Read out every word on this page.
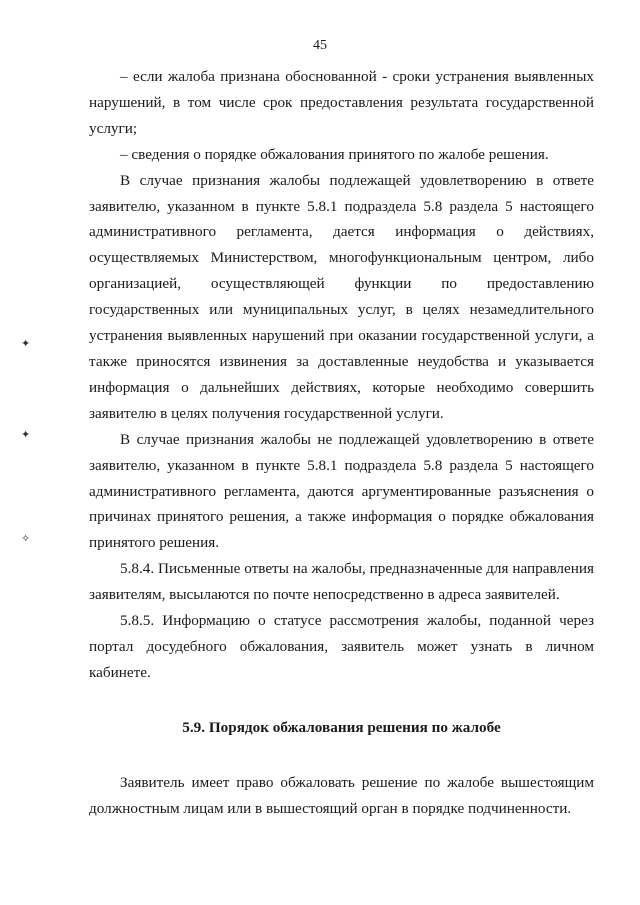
45
✦
✦
✧

– если жалоба признана обоснованной - сроки устранения выявленных нарушений, в том числе срок предоставления результата государственной услуги;

– сведения о порядке обжалования принятого по жалобе решения.

В случае признания жалобы подлежащей удовлетворению в ответе заявителю, указанном в пункте 5.8.1 подраздела 5.8 раздела 5 настоящего административного регламента, дается информация о действиях, осуществляемых Министерством, многофункциональным центром, либо организацией, осуществляющей функции по предоставлению государственных или муниципальных услуг, в целях незамедлительного устранения выявленных нарушений при оказании государственной услуги, а также приносятся извинения за доставленные неудобства и указывается информация о дальнейших действиях, которые необходимо совершить заявителю в целях получения государственной услуги.

В случае признания жалобы не подлежащей удовлетворению в ответе заявителю, указанном в пункте 5.8.1 подраздела 5.8 раздела 5 настоящего административного регламента, даются аргументированные разъяснения о причинах принятого решения, а также информация о порядке обжалования принятого решения.

5.8.4. Письменные ответы на жалобы, предназначенные для направления заявителям, высылаются по почте непосредственно в адреса заявителей.

5.8.5. Информацию о статусе рассмотрения жалобы, поданной через портал досудебного обжалования, заявитель может узнать в личном кабинете.

5.9. Порядок обжалования решения по жалобе

Заявитель имеет право обжаловать решение по жалобе вышестоящим должностным лицам или в вышестоящий орган в порядке подчиненности.
